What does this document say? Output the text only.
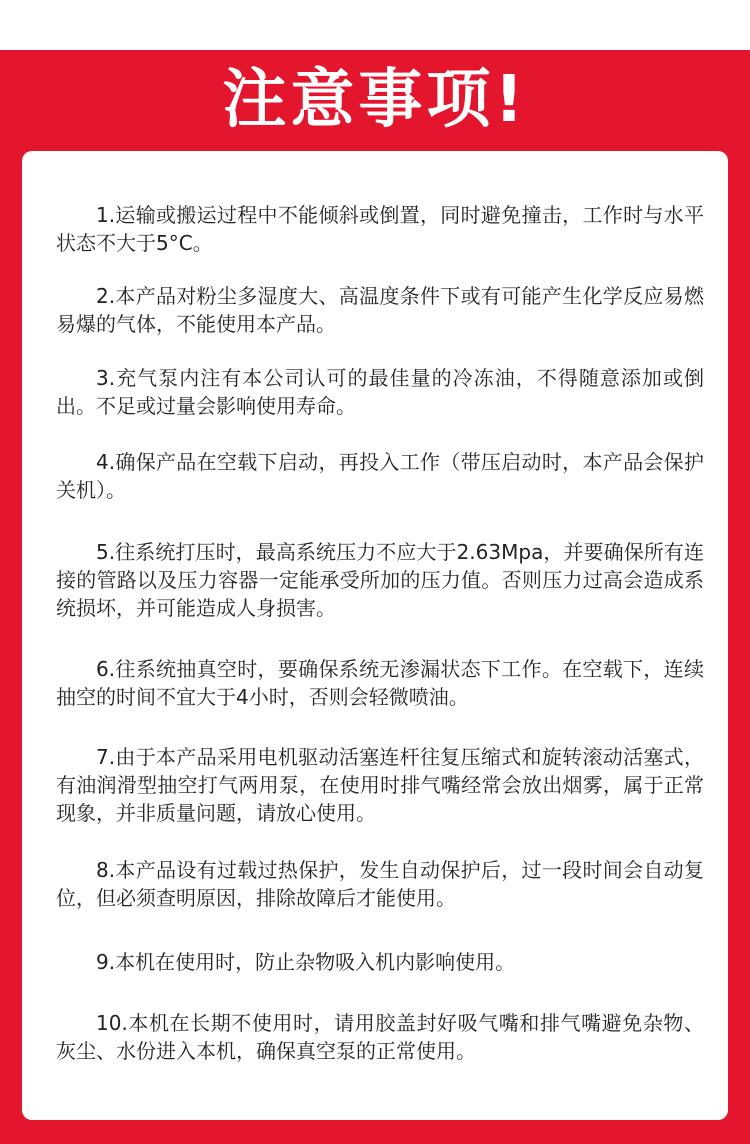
注意事项!
1.运输或搬运过程中不能倾斜或倒置，同时避免撞击，工作时与水平状态不大于5°C。
2.本产品对粉尘多湿度大、高温度条件下或有可能产生化学反应易燃易爆的气体，不能使用本产品。
3.充气泵内注有本公司认可的最佳量的冷冻油，不得随意添加或倒出。不足或过量会影响使用寿命。
4.确保产品在空载下启动，再投入工作（带压启动时，本产品会保护关机）。
5.往系统打压时，最高系统压力不应大于2.63Mpa，并要确保所有连接的管路以及压力容器一定能承受所加的压力值。否则压力过高会造成系统损坏，并可能造成人身损害。
6.往系统抽真空时，要确保系统无渗漏状态下工作。在空载下，连续抽空的时间不宜大于4小时，否则会轻微喷油。
7.由于本产品采用电机驱动活塞连杆往复压缩式和旋转滚动活塞式，有油润滑型抽空打气两用泵，在使用时排气嘴经常会放出烟雾，属于正常现象，并非质量问题，请放心使用。
8.本产品设有过载过热保护，发生自动保护后，过一段时间会自动复位，但必须查明原因，排除故障后才能使用。
9.本机在使用时，防止杂物吸入机内影响使用。
10.本机在长期不使用时，请用胶盖封好吸气嘴和排气嘴避免杂物、灰尘、水份进入本机，确保真空泵的正常使用。
